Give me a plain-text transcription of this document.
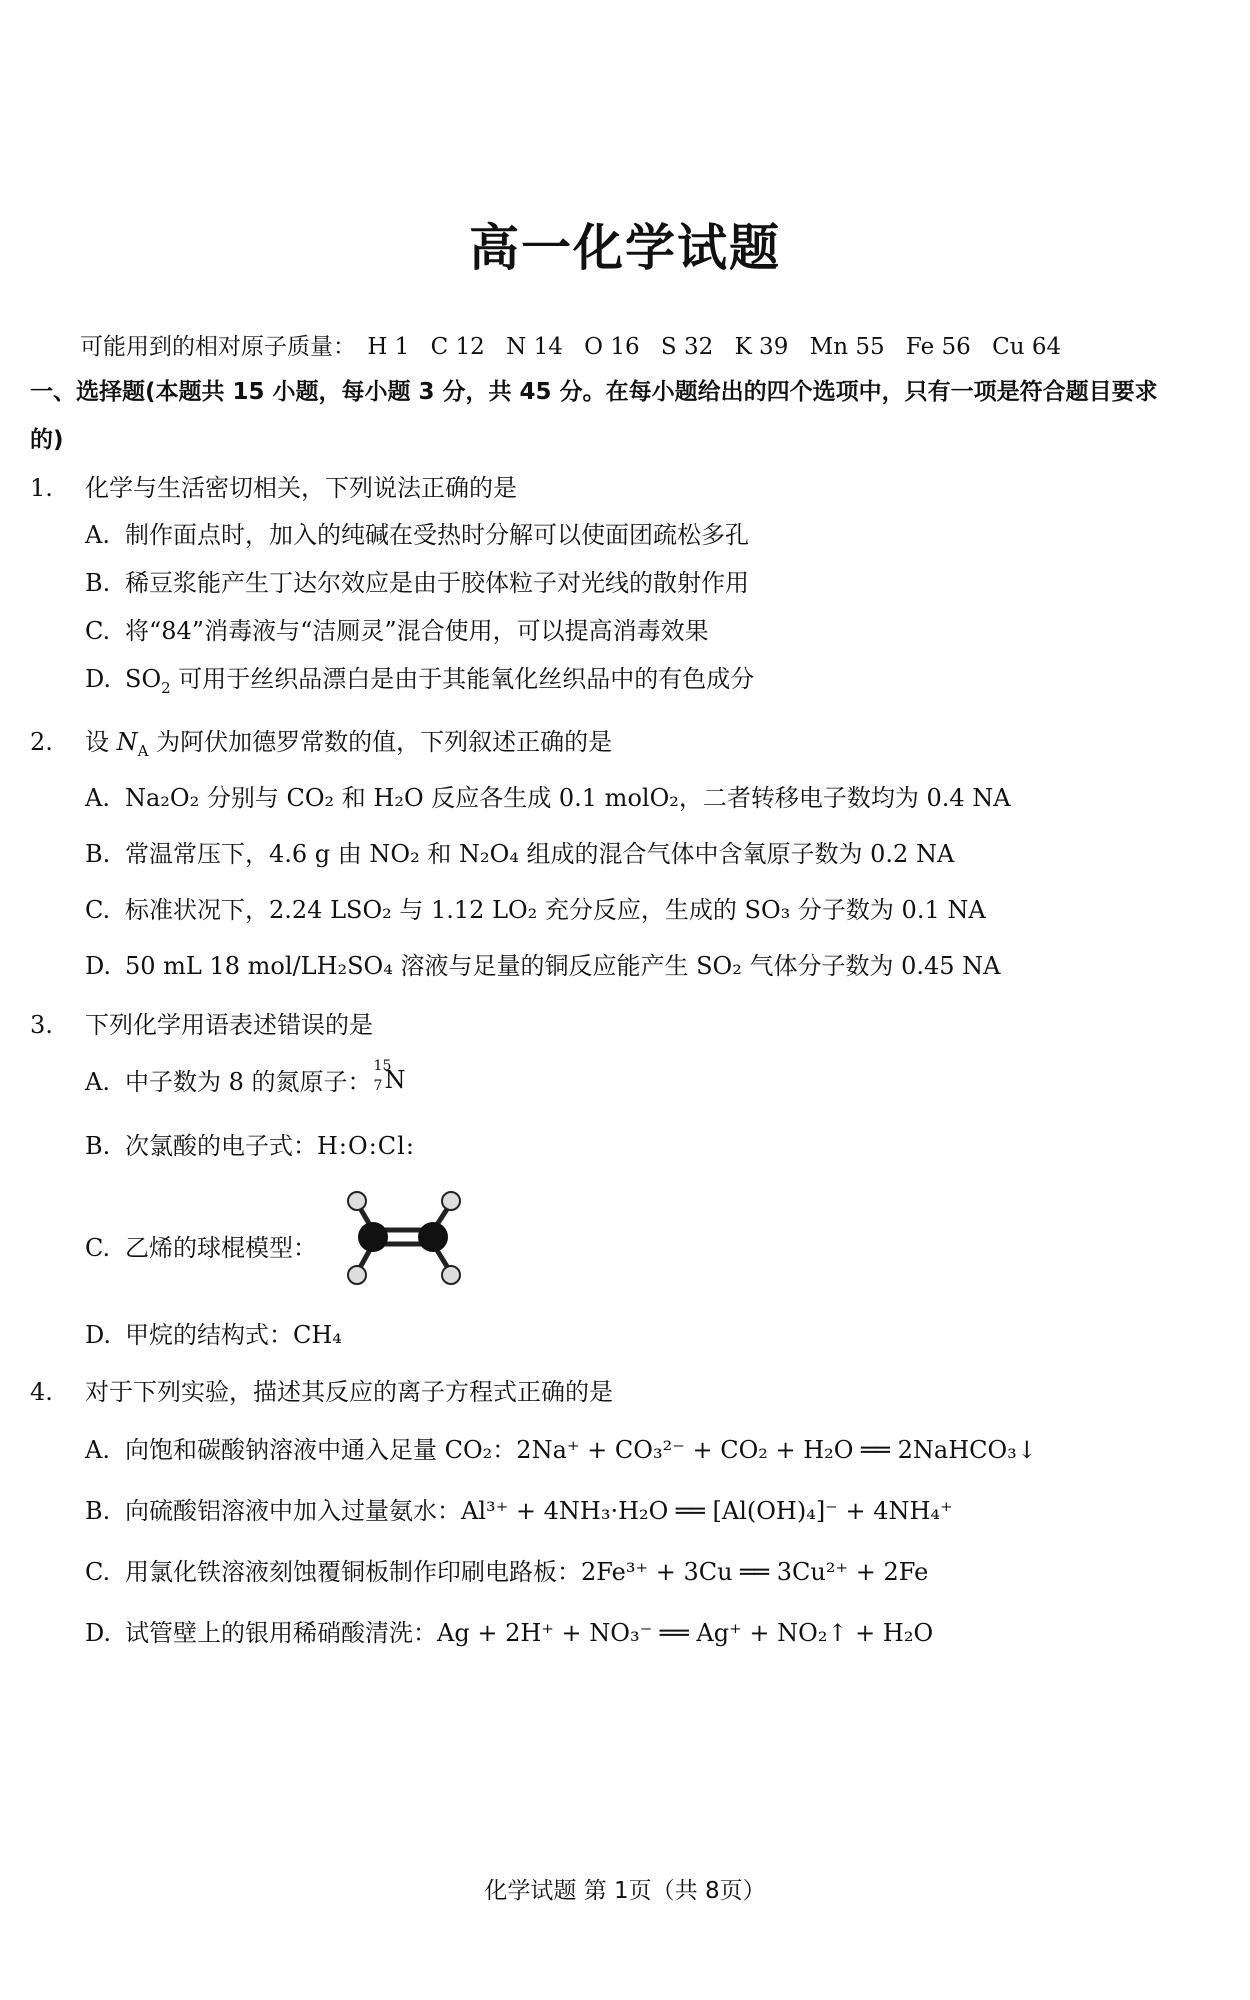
高一化学试题
可能用到的相对原子质量： H 1 C 12 N 14 O 16 S 32 K 39 Mn 55 Fe 56 Cu 64
一、选择题(本题共 15 小题，每小题 3 分，共 45 分。在每小题给出的四个选项中，只有一项是符合题目要求的)
1. 化学与生活密切相关，下列说法正确的是
A. 制作面点时，加入的纯碱在受热时分解可以使面团疏松多孔
B. 稀豆浆能产生丁达尔效应是由于胶体粒子对光线的散射作用
C. 将“84”消毒液与“洁厕灵”混合使用，可以提高消毒效果
D. $SO_2$ 可用于丝织品漂白是由于其能氧化丝织品中的有色成分
2. 设 $N_A$ 为阿伏加德罗常数的值，下列叙述正确的是
A. Na₂O₂ 分别与 CO₂ 和 H₂O 反应各生成 0.1 molO₂，二者转移电子数均为 0.4 NA
B. 常温常压下，4.6 g 由 NO₂ 和 N₂O₄ 组成的混合气体中含氧原子数为 0.2 NA
C. 标准状况下，2.24 LSO₂ 与 1.12 LO₂ 充分反应，生成的 SO₃ 分子数为 0.1 NA
D. 50 mL 18 mol/LH₂SO₄ 溶液与足量的铜反应能产生 SO₂ 气体分子数为 0.45 NA
3. 下列化学用语表述错误的是
A. 中子数为 8 的氮原子：
15
7 N
B. 次氯酸的电子式：H:O:Cl:
C. 乙烯的球棍模型：
D. 甲烷的结构式：CH₄
4. 对于下列实验，描述其反应的离子方程式正确的是
A. 向饱和碳酸钠溶液中通入足量 CO₂：2Na⁺ + CO₃²⁻ + CO₂ + H₂O ══ 2NaHCO₃↓
B. 向硫酸铝溶液中加入过量氨水：Al³⁺ + 4NH₃·H₂O ══ [Al(OH)₄]⁻ + 4NH₄⁺
C. 用氯化铁溶液刻蚀覆铜板制作印刷电路板：2Fe³⁺ + 3Cu ══ 3Cu²⁺ + 2Fe
D. 试管壁上的银用稀硝酸清洗：Ag + 2H⁺ + NO₃⁻ ══ Ag⁺ + NO₂↑ + H₂O
化学试题 第 1页（共 8页）
